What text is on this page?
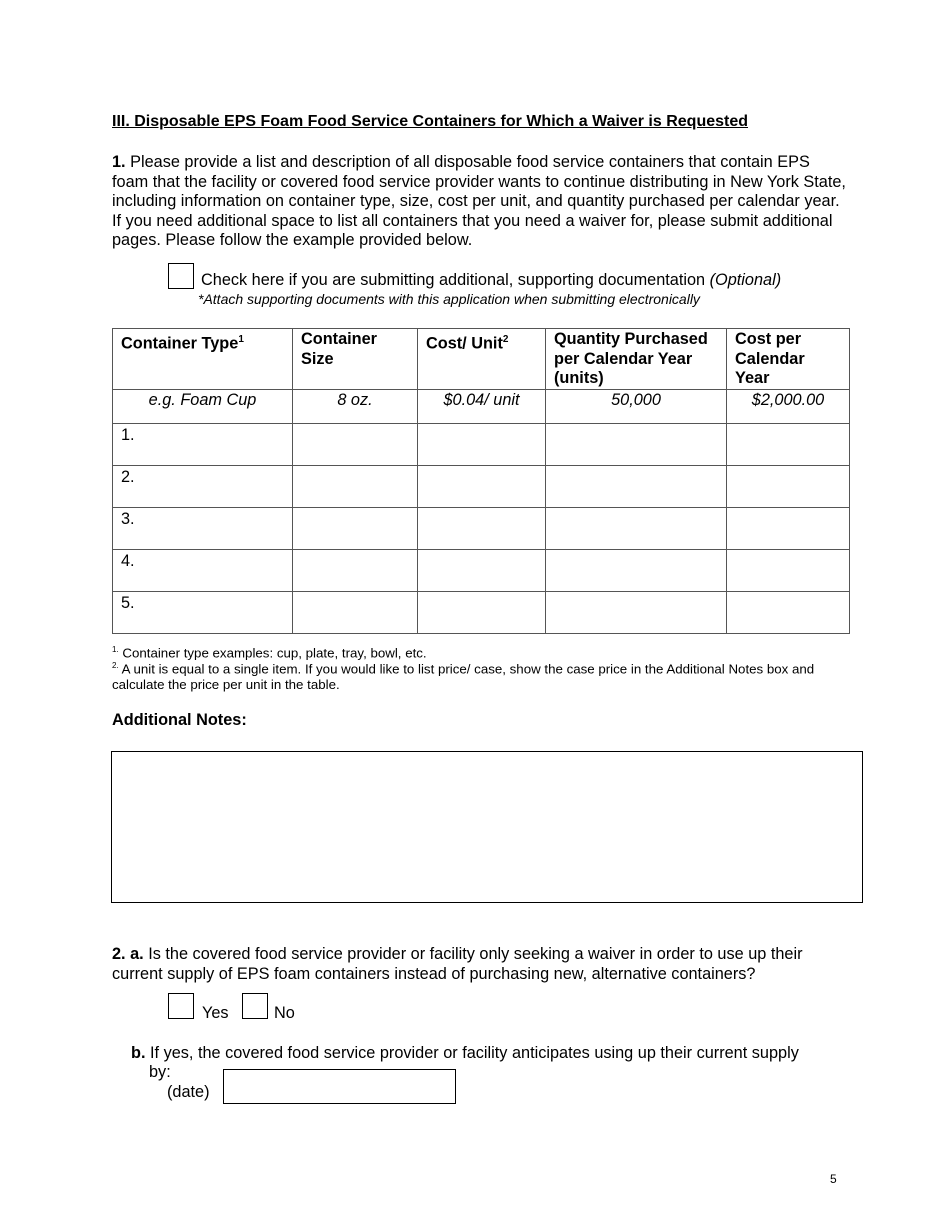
III. Disposable EPS Foam Food Service Containers for Which a Waiver is Requested
1. Please provide a list and description of all disposable food service containers that contain EPS foam that the facility or covered food service provider wants to continue distributing in New York State, including information on container type, size, cost per unit, and quantity purchased per calendar year. If you need additional space to list all containers that you need a waiver for, please submit additional pages. Please follow the example provided below.
Check here if you are submitting additional, supporting documentation (Optional)
*Attach supporting documents with this application when submitting electronically
Container Type$^1$	Container Size	Cost/ Unit$^2$	Quantity Purchased per Calendar Year (units)	Cost per Calendar Year
e.g. Foam Cup	8 oz.	$0.04/ unit	50,000	$2,000.00
1.				
2.				
3.				
4.				
5.				
$^{1.}$ Container type examples: cup, plate, tray, bowl, etc.
$^{2.}$ A unit is equal to a single item. If you would like to list price/ case, show the case price in the Additional Notes box and calculate the price per unit in the table.
Additional Notes:
2. a. Is the covered food service provider or facility only seeking a waiver in order to use up their current supply of EPS foam containers instead of purchasing new, alternative containers?
Yes	No
b. If yes, the covered food service provider or facility anticipates using up their current supply
by:
(date)
5
